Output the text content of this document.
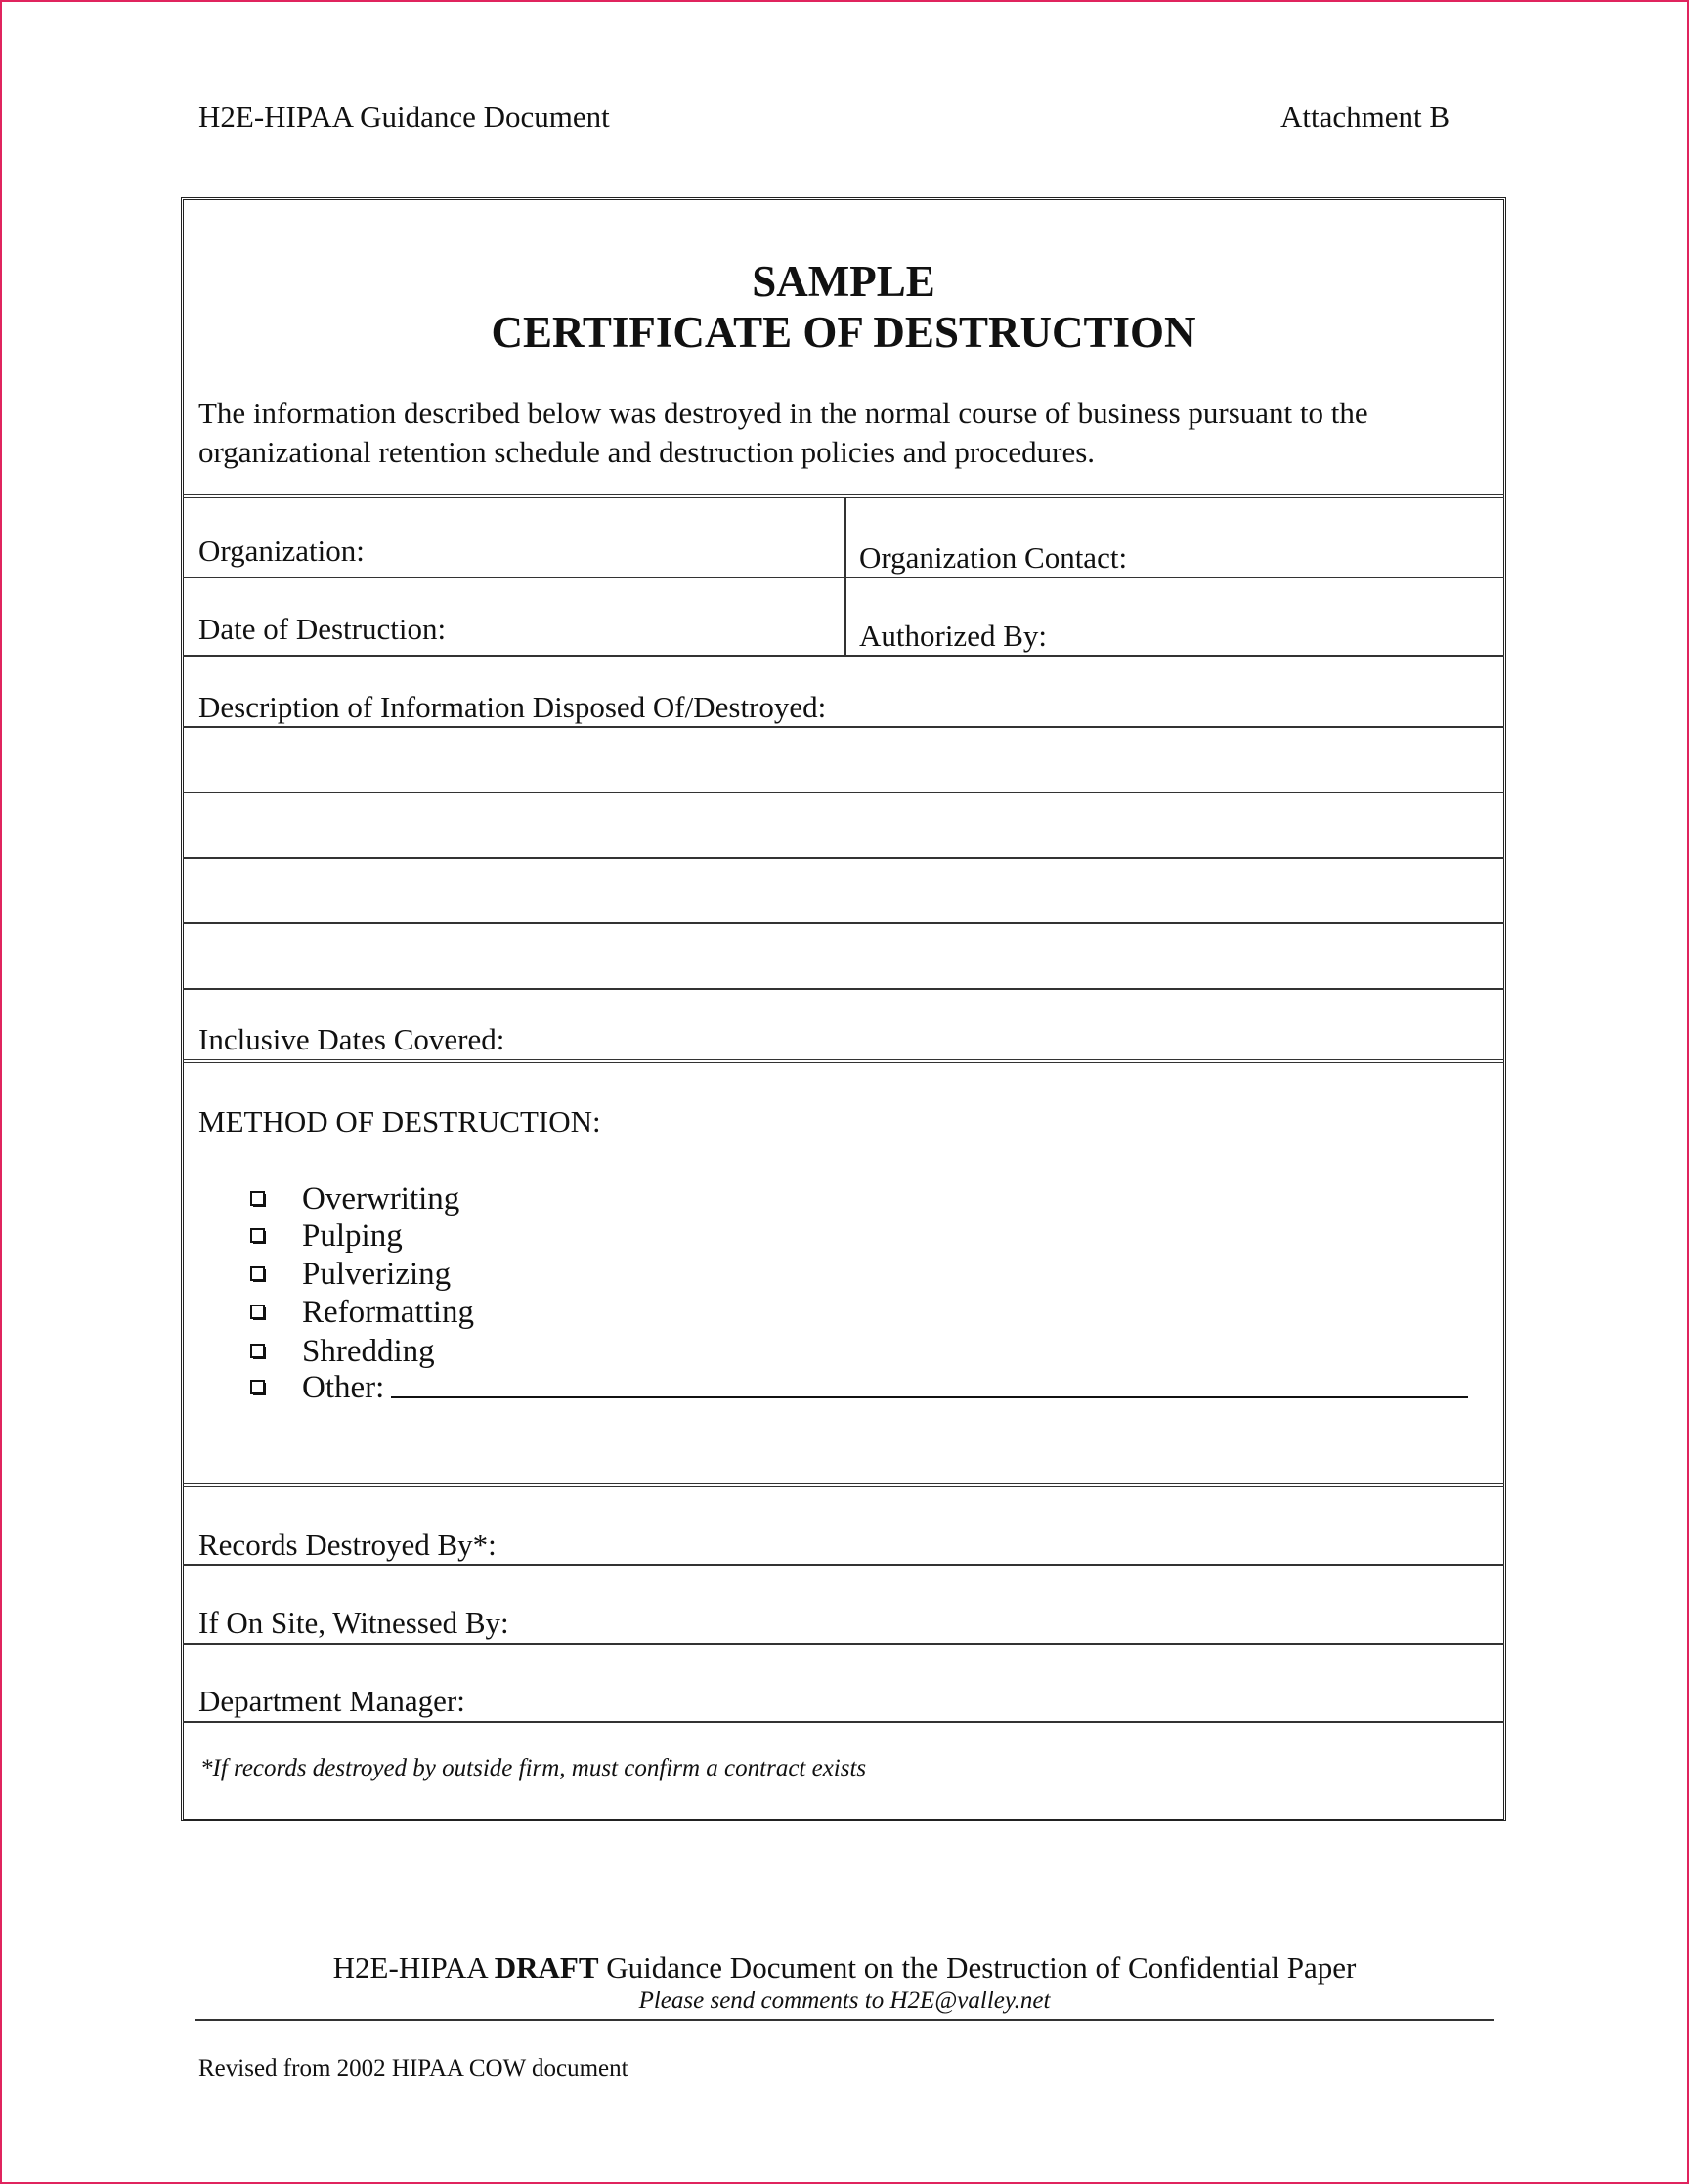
H2E-HIPAA Guidance Document	Attachment B
SAMPLE
CERTIFICATE OF DESTRUCTION
The information described below was destroyed in the normal course of business pursuant to the
organizational retention schedule and destruction policies and procedures.
Organization:	Organization Contact:
Date of Destruction:	Authorized By:
Description of Information Disposed Of/Destroyed:
Inclusive Dates Covered:
METHOD OF DESTRUCTION:
Overwriting
Pulping
Pulverizing
Reformatting
Shredding
Other:
Records Destroyed By*:
If On Site, Witnessed By:
Department Manager:
*If records destroyed by outside firm, must confirm a contract exists
H2E-HIPAA DRAFT Guidance Document on the Destruction of Confidential Paper
Please send comments to H2E@valley.net
Revised from 2002 HIPAA COW document
